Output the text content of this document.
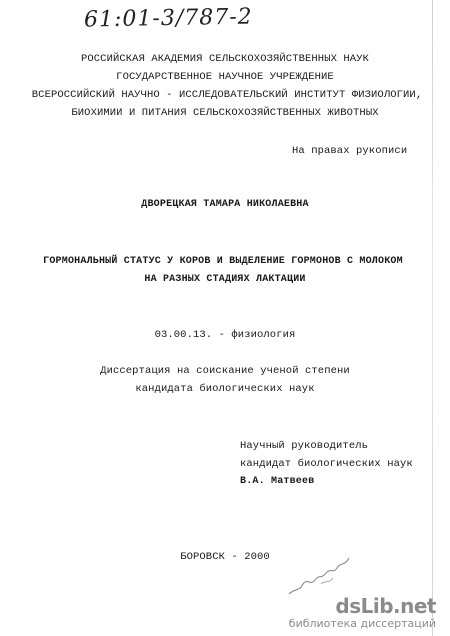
61:01-3/787-2
РОССИЙСКАЯ АКАДЕМИЯ СЕЛЬСКОХОЗЯЙСТВЕННЫХ НАУК
ГОСУДАРСТВЕННОЕ НАУЧНОЕ УЧРЕЖДЕНИЕ
ВСЕРОССИЙСКИЙ НАУЧНО - ИССЛЕДОВАТЕЛЬСКИЙ ИНСТИТУТ ФИЗИОЛОГИИ,
БИОХИМИИ И ПИТАНИЯ СЕЛЬСКОХОЗЯЙСТВЕННЫХ ЖИВОТНЫХ
На правах рукописи
ДВОРЕЦКАЯ ТАМАРА НИКОЛАЕВНА
ГОРМОНАЛЬНЫЙ СТАТУС У КОРОВ И ВЫДЕЛЕНИЕ ГОРМОНОВ С МОЛОКОМ
НА РАЗНЫХ СТАДИЯХ ЛАКТАЦИИ
03.00.13. - физиология
Диссертация на соискание ученой степени
кандидата биологических наук
Научный руководитель
кандидат биологических наук
В.А. Матвеев
БОРОВСК - 2000
dsLib.net
библиотека диссертаций
